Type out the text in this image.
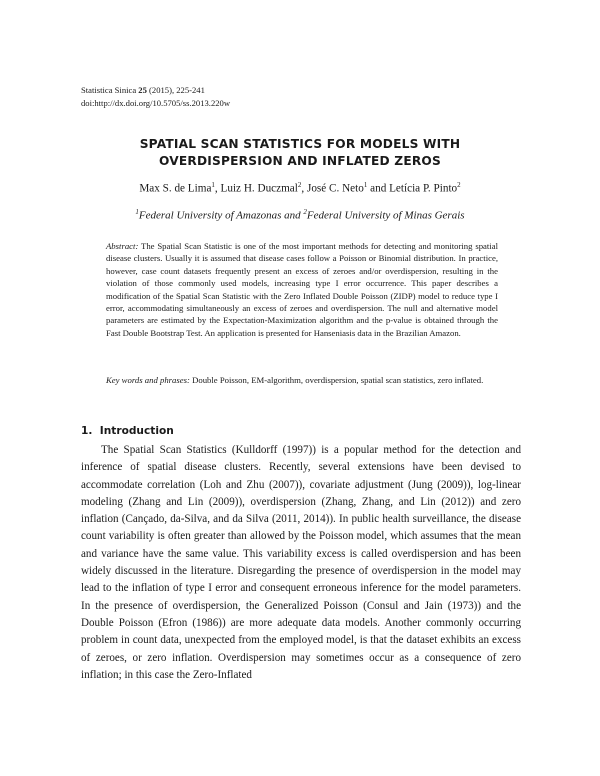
Statistica Sinica 25 (2015), 225-241
doi:http://dx.doi.org/10.5705/ss.2013.220w
SPATIAL SCAN STATISTICS FOR MODELS WITH
OVERDISPERSION AND INFLATED ZEROS
Max S. de Lima$^1$, Luiz H. Duczmal$^2$, José C. Neto$^1$ and Letícia P. Pinto$^2$
$^1$Federal University of Amazonas and $^2$Federal University of Minas Gerais
Abstract: The Spatial Scan Statistic is one of the most important methods for detecting and monitoring spatial disease clusters. Usually it is assumed that disease cases follow a Poisson or Binomial distribution. In practice, however, case count datasets frequently present an excess of zeroes and/or overdispersion, resulting in the violation of those commonly used models, increasing type I error occurrence. This paper describes a modification of the Spatial Scan Statistic with the Zero Inflated Double Poisson (ZIDP) model to reduce type I error, accommodating simultaneously an excess of zeroes and overdispersion. The null and alternative model parameters are estimated by the Expectation-Maximization algorithm and the p-value is obtained through the Fast Double Bootstrap Test. An application is presented for Hanseniasis data in the Brazilian Amazon.
Key words and phrases: Double Poisson, EM-algorithm, overdispersion, spatial scan statistics, zero inflated.
1. Introduction

The Spatial Scan Statistics (Kulldorff (1997)) is a popular method for the detection and inference of spatial disease clusters. Recently, several extensions have been devised to accommodate correlation (Loh and Zhu (2007)), covariate adjustment (Jung (2009)), log-linear modeling (Zhang and Lin (2009)), overdispersion (Zhang, Zhang, and Lin (2012)) and zero inflation (Cançado, da-Silva, and da Silva (2011, 2014)). In public health surveillance, the disease count variability is often greater than allowed by the Poisson model, which assumes that the mean and variance have the same value. This variability excess is called overdispersion and has been widely discussed in the literature. Disregarding the presence of overdispersion in the model may lead to the inflation of type I error and consequent erroneous inference for the model parameters. In the presence of overdispersion, the Generalized Poisson (Consul and Jain (1973)) and the Double Poisson (Efron (1986)) are more adequate data models. Another commonly occurring problem in count data, unexpected from the employed model, is that the dataset exhibits an excess of zeroes, or zero inflation. Overdispersion may sometimes occur as a consequence of zero inflation; in this case the Zero-Inflated
